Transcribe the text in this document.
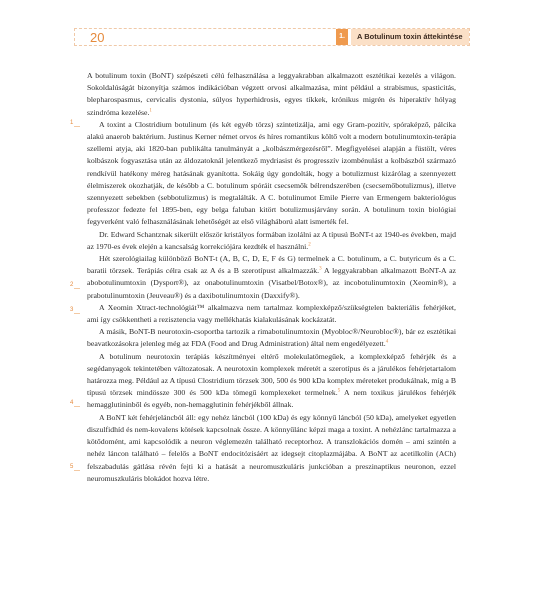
20	1.	A Botulinum toxin áttekintése
1
2
3
4
5

A botulinum toxin (BoNT) szépészeti célú felhasználása a leggyakrabban alkalmazott esztétikai kezelés a világon. Sokoldalúságát bizonyítja számos indikációban végzett orvosi alkalmazása, mint például a strabismus, spasticitás, blepharospasmus, cervicalis dystonia, súlyos hyperhidrosis, egyes tíkkek, krónikus migrén és hiperaktív hólyag szindróma kezelése.$^1$

A toxint a Clostridium botulinum (és két egyéb törzs) szintetizálja, ami egy Gram-pozitív, spóraképző, pálcika alakú anaerob baktérium. Justinus Kerner német orvos és híres romantikus költő volt a modern botulinumtoxin-terápia szellemi atyja, aki 1820-ban publikálta tanulmányát a „kolbászmérgezésről”. Megfigyelései alapján a füstölt, véres kolbászok fogyasztása után az áldozatoknál jelentkező mydriasist és progresszív izombénulást a kolbászból származó rendkívül hatékony méreg hatásának gyanította. Sokáig úgy gondolták, hogy a botulizmust kizárólag a szennyezett élelmiszerek okozhatják, de később a C. botulinum spóráit csecsemők bélrendszerében (csecsemőbotulizmus), illetve szennyezett sebekben (sebbotulizmus) is megtalálták. A C. botulinumot Emile Pierre van Ermengem bakteriológus professzor fedezte fel 1895-ben, egy belga faluban kitört botulizmusjárvány során. A botulinum toxin biológiai fegyverként való felhasználásának lehetőségét az első világháború alatt ismerték fel.

Dr. Edward Schantznak sikerült először kristályos formában izolálni az A típusú BoNT-t az 1940-es években, majd az 1970-es évek elején a kancsalság korrekciójára kezdték el használni.$^2$

Hét szerológiailag különböző BoNT-t (A, B, C, D, E, F és G) termelnek a C. botulinum, a C. butyricum és a C. baratii törzsek. Terápiás célra csak az A és a B szerotípust alkalmazzák.$^3$ A leggyakrabban alkalmazott BoNT-A az abobotulinumtoxin (Dysport®), az onabotulinumtoxin (Visatbel/Botox®), az incobotulinumtoxin (Xeomin®), a prabotulinumtoxin (Jeuveau®) és a daxibotulinumtoxin (Daxxify®).

A Xeomin Xtract-technológiát™ alkalmazva nem tartalmaz komplexképző/szükségtelen bakteriális fehérjéket, ami így csökkentheti a rezisztencia vagy mellékhatás kialakulásának kockázatát.

A másik, BoNT-B neurotoxin-csoportba tartozik a rimabotulinumtoxin (Myobloc®/Neurobloc®), bár ez esztétikai beavatkozásokra jelenleg még az FDA (Food and Drug Administration) által nem engedélyezett.$^4$

A botulinum neurotoxin terápiás készítményei eltérő molekulatömegűek, a komplexképző fehérjék és a segédanyagok tekintetében változatosak. A neurotoxin komplexek méretét a szerotípus és a járulékos fehérjetartalom határozza meg. Például az A típusú Clostridium törzsek 300, 500 és 900 kDa komplex méreteket produkálnak, míg a B típusú törzsek mindössze 300 és 500 kDa tömegű komplexeket termelnek.$^5$ A nem toxikus járulékos fehérjék hemagglutininből és egyéb, non-hemagglutinin fehérjékből állnak.

A BoNT két fehérjeláncból áll: egy nehéz láncból (100 kDa) és egy könnyű láncból (50 kDa), amelyeket egyetlen diszulfidhíd és nem-kovalens kötések kapcsolnak össze. A könnyűlánc képzi maga a toxint. A nehézlánc tartalmazza a kötődomént, ami kapcsolódik a neuron véglemezén található receptorhoz. A transzlokációs domén – ami szintén a nehéz láncon található – felelős a BoNT endocitózisáért az idegsejt citoplazmájába. A BoNT az acetilkolin (ACh) felszabadulás gátlása révén fejti ki a hatását a neuromuszkuláris junkcióban a preszinaptikus neuronon, ezzel neuromuszkuláris blokádot hozva létre.
